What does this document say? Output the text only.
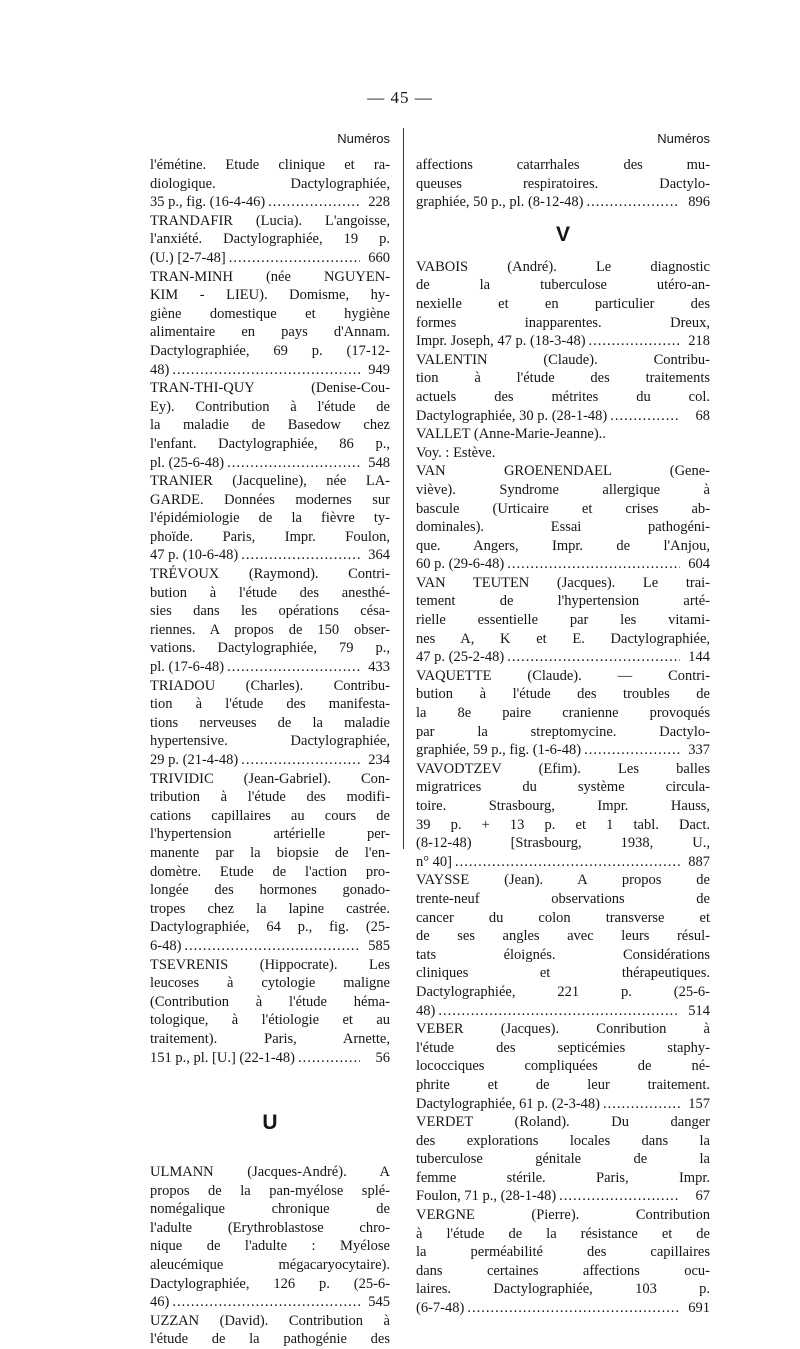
— 45 —
Numéros
l'émétine. Etude clinique et ra-
diologique. Dactylographiée,
35 p., fig. (16-4-46) .....	228
TRANDAFIR (Lucia). L'angoisse,
l'anxiété. Dactylographiée, 19 p.
(U.) [2-7-48] .....	660
TRAN-MINH (née NGUYEN-
KIM - LIEU). Domisme, hy-
giène domestique et hygiène
alimentaire en pays d'Annam.
Dactylographiée, 69 p. (17-12-
48) .....	949
TRAN-THI-QUY (Denise-Cou-
Ey). Contribution à l'étude de
la maladie de Basedow chez
l'enfant. Dactylographiée, 86 p.,
pl. (25-6-48) .....	548
TRANIER (Jacqueline), née LA-
GARDE. Données modernes sur
l'épidémiologie de la fièvre ty-
phoïde. Paris, Impr. Foulon,
47 p. (10-6-48) .....	364
TRÉVOUX (Raymond). Contri-
bution à l'étude des anesthé-
sies dans les opérations césa-
riennes. A propos de 150 obser-
vations. Dactylographiée, 79 p.,
pl. (17-6-48) .....	433
TRIADOU (Charles). Contribu-
tion à l'étude des manifesta-
tions nerveuses de la maladie
hypertensive. Dactylographiée,
29 p. (21-4-48) .....	234
TRIVIDIC (Jean-Gabriel). Con-
tribution à l'étude des modifi-
cations capillaires au cours de
l'hypertension artérielle per-
manente par la biopsie de l'en-
domètre. Etude de l'action pro-
longée des hormones gonado-
tropes chez la lapine castrée.
Dactylographiée, 64 p., fig. (25-
6-48) .....	585
TSEVRENIS (Hippocrate). Les
leucoses à cytologie maligne
(Contribution à l'étude héma-
tologique, à l'étiologie et au
traitement). Paris, Arnette,
151 p., pl. [U.] (22-1-48) .....	56
U
ULMANN (Jacques-André). A
propos de la pan-myélose splé-
nomégalique chronique de
l'adulte (Erythroblastose chro-
nique de l'adulte : Myélose
aleucémique mégacaryocytaire).
Dactylographiée, 126 p. (25-6-
46) .....	545
UZZAN (David). Contribution à
l'étude de la pathogénie des
Numéros
affections catarrhales des mu-
queuses respiratoires. Dactylo-
graphiée, 50 p., pl. (8-12-48) .....	896
V
VABOIS (André). Le diagnostic
de la tuberculose utéro-an-
nexielle et en particulier des
formes inapparentes. Dreux,
Impr. Joseph, 47 p. (18-3-48) .....	218
VALENTIN (Claude). Contribu-
tion à l'étude des traitements
actuels des métrites du col.
Dactylographiée, 30 p. (28-1-48) .....	68
VALLET (Anne-Marie-Jeanne)..
Voy. : Estève.
VAN GROENENDAEL (Gene-
viève). Syndrome allergique à
bascule (Urticaire et crises ab-
dominales). Essai pathogéni-
que. Angers, Impr. de l'Anjou,
60 p. (29-6-48) .....	604
VAN TEUTEN (Jacques). Le trai-
tement de l'hypertension arté-
rielle essentielle par les vitami-
nes A, K et E. Dactylographiée,
47 p. (25-2-48) .....	144
VAQUETTE (Claude). — Contri-
bution à l'étude des troubles de
la 8e paire cranienne provoqués
par la streptomycine. Dactylo-
graphiée, 59 p., fig. (1-6-48) .....	337
VAVODTZEV (Efim). Les balles
migratrices du système circula-
toire. Strasbourg, Impr. Hauss,
39 p. + 13 p. et 1 tabl. Dact.
(8-12-48) [Strasbourg, 1938, U.,
n° 40] .....	887
VAYSSE (Jean). A propos de
trente-neuf observations de
cancer du colon transverse et
de ses angles avec leurs résul-
tats éloignés. Considérations
cliniques et thérapeutiques.
Dactylographiée, 221 p. (25-6-
48) .....	514
VEBER (Jacques). Conribution à
l'étude des septicémies staphy-
lococciques compliquées de né-
phrite et de leur traitement.
Dactylographiée, 61 p. (2-3-48) .....	157
VERDET (Roland). Du danger
des explorations locales dans la
tuberculose génitale de la
femme stérile. Paris, Impr.
Foulon, 71 p., (28-1-48) .....	67
VERGNE (Pierre). Contribution
à l'étude de la résistance et de
la perméabilité des capillaires
dans certaines affections ocu-
laires. Dactylographiée, 103 p.
(6-7-48) .....	691
